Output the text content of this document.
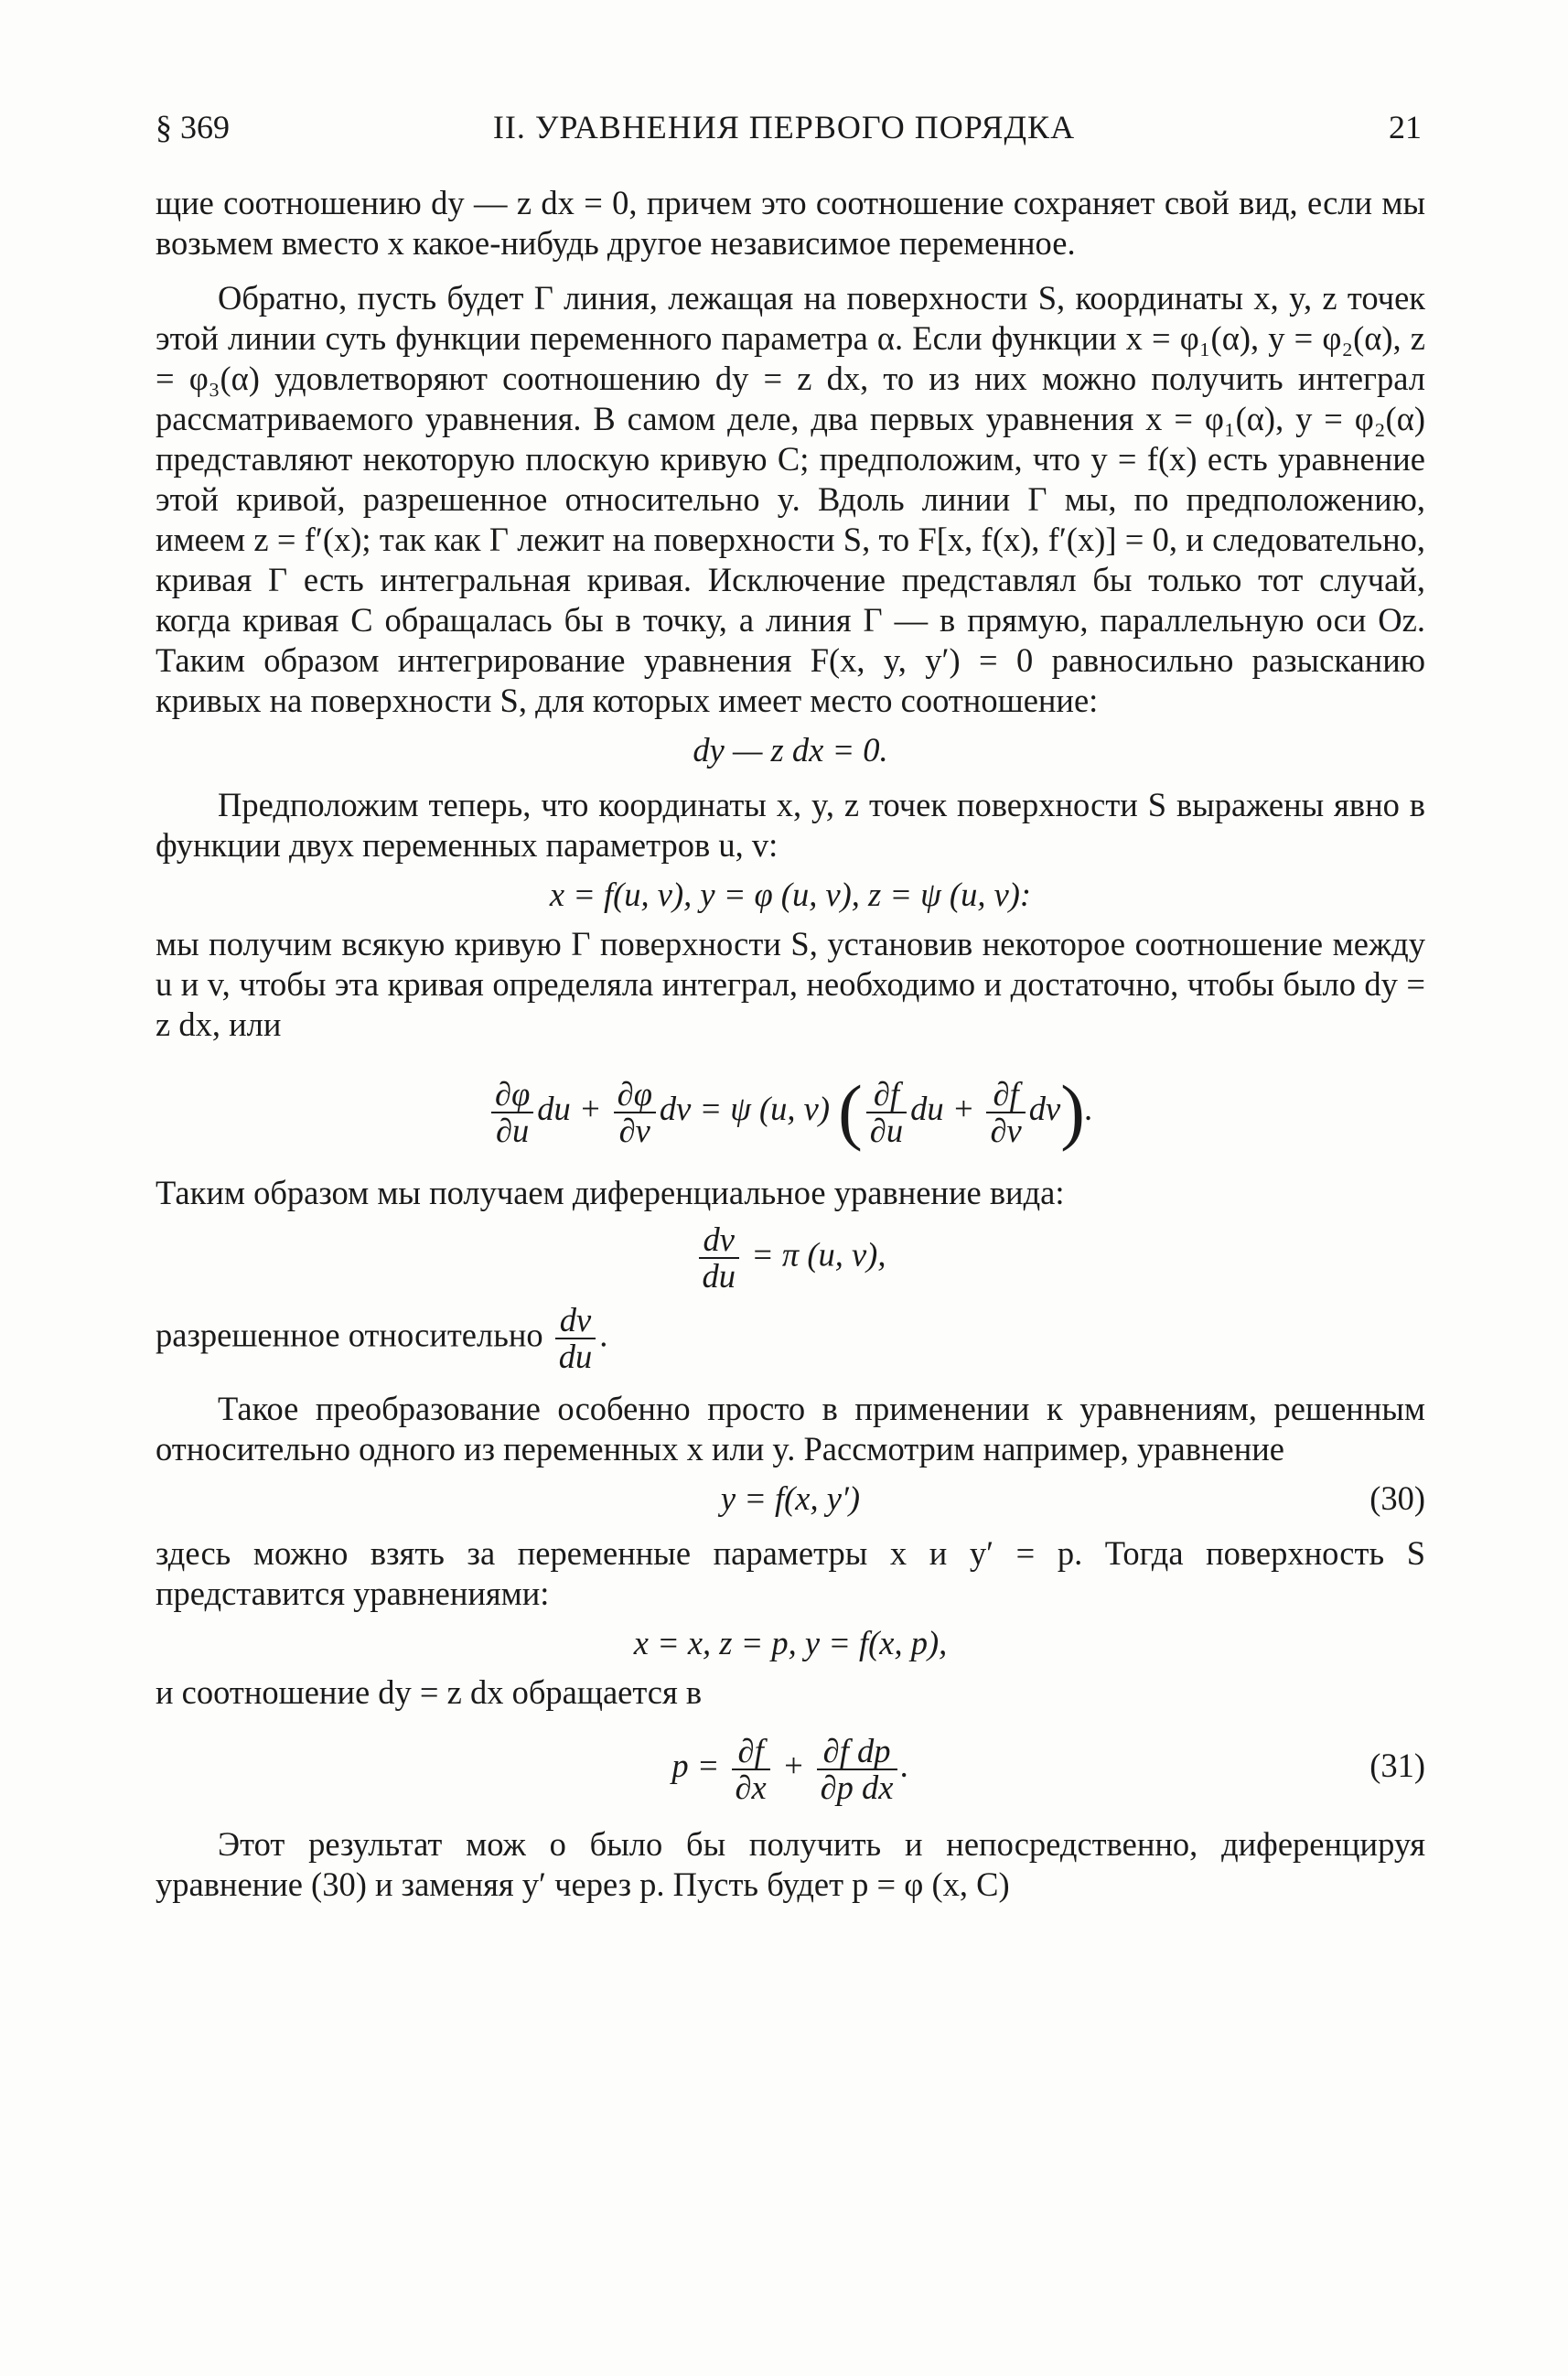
§ 369	II. УРАВНЕНИЯ ПЕРВОГО ПОРЯДКА	21

щие соотношению dy — z dx = 0, причем это соотношение сохраняет свой вид, если мы возьмем вместо x какое-нибудь другое независимое переменное.

Обратно, пусть будет Γ линия, лежащая на поверхности S, координаты x, y, z точек этой линии суть функции переменного параметра α. Если функции x = φ₁(α), y = φ₂(α), z = φ₃(α) удовлетворяют соотношению dy = z dx, то из них можно получить интеграл рассматриваемого уравнения. В самом деле, два первых уравнения x = φ₁(α), y = φ₂(α) представляют некоторую плоскую кривую C; предположим, что y = f(x) есть уравнение этой кривой, разрешенное относительно y. Вдоль линии Γ мы, по предположению, имеем z = f′(x); так как Γ лежит на поверхности S, то F[x, f(x), f′(x)] = 0, и следовательно, кривая Γ есть интегральная кривая. Исключение представлял бы только тот случай, когда кривая C обращалась бы в точку, а линия Γ — в прямую, параллельную оси Oz. Таким образом интегрирование уравнения F(x, y, y′) = 0 равносильно разысканию кривых на поверхности S, для которых имеет место соотношение:

dy — z dx = 0.

Предположим теперь, что координаты x, y, z точек поверхности S выражены явно в функции двух переменных параметров u, v:

x = f(u, v), y = φ (u, v), z = ψ (u, v):

мы получим всякую кривую Γ поверхности S, установив некоторое соотношение между u и v, чтобы эта кривая определяла интеграл, необходимо и достаточно, чтобы было dy = z dx, или

$\frac{\partial\varphi}{\partial u}$ du + $\frac{\partial\varphi}{\partial v}$ dv = ψ (u, v) ( $\frac{\partial f}{\partial u}$ du + $\frac{\partial f}{\partial v} dv$).

Таким образом мы получаем диференциальное уравнение вида:

$\frac{dv}{du} = \pi$ (u, v),

разрешенное относительно $\frac{dv}{du}$ .

Такое преобразование особенно просто в применении к уравнениям, решенным относительно одного из переменных x или y. Рассмотрим например, уравнение

y = f(x, y′)	(30)

здесь можно взять за переменные параметры x и y′ = p. Тогда поверхность S представится уравнениями:

x = x, z = p, y = f(x, p),

и соотношение dy = z dx обращается в

$p = \frac{\partial f}{\partial x} + \frac{\text{∂f dp}}{\text{∂p dx}}$ .	(31)

Этот результат мож о было бы получить и непосредственно, диференцируя уравнение (30) и заменяя y′ через p. Пусть будет p = φ (x, C)
